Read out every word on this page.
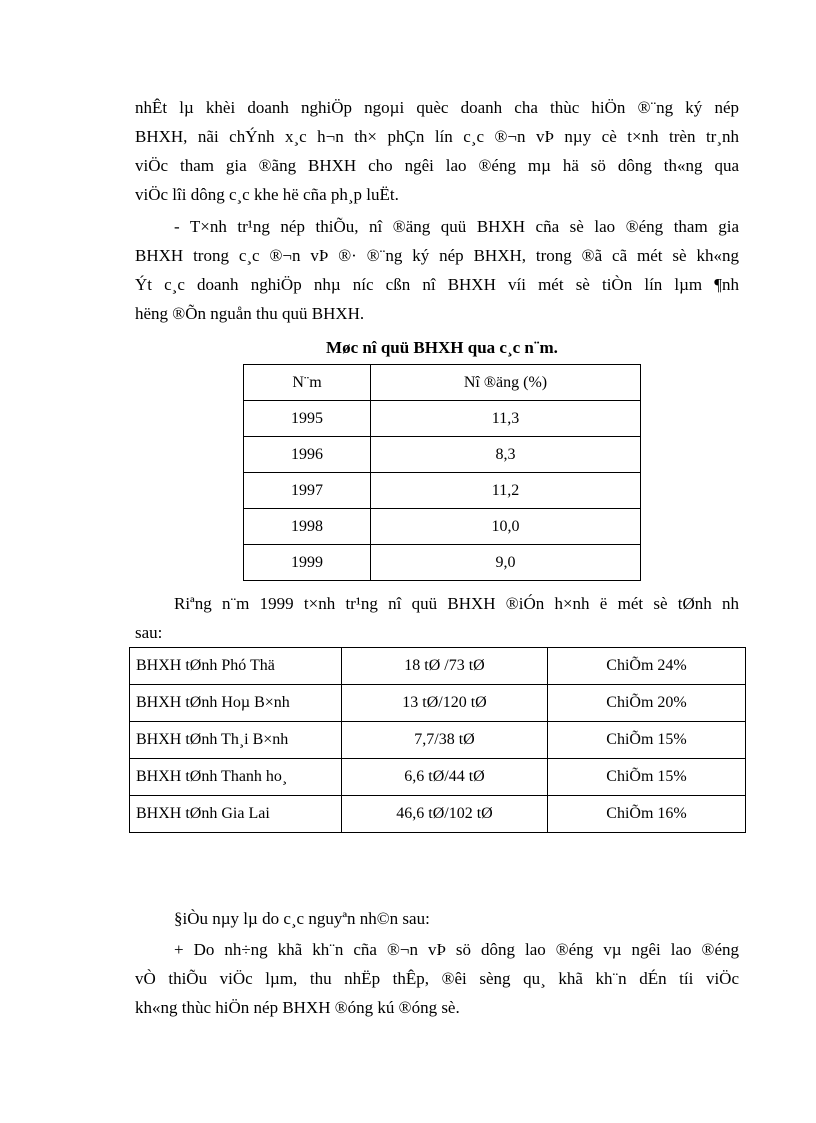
nhÊt lµ khèi doanh nghiÖp ngoµi quèc doanh cha thùc hiÖn ®¨ng ký nép
BHXH, nãi chÝnh x¸c h¬n th× phÇn lín c¸c ®¬n vÞ nµy cè t×nh trèn tr¸nh
viÖc tham gia ®ãng BHXH cho ngêi lao ®éng mµ hä sö dông th«ng qua
viÖc lîi dông c¸c khe hë cña ph¸p luËt.

- T×nh tr¹ng nép thiÕu, nî ®äng quü BHXH cña sè lao ®éng tham gia
BHXH trong c¸c ®¬n vÞ ®· ®¨ng ký nép BHXH, trong ®ã cã mét sè kh«ng
Ýt c¸c doanh nghiÖp nhµ níc cßn nî BHXH víi mét sè tiÒn lín lµm ¶nh
hëng ®Õn nguån thu quü BHXH.

Møc nî quü BHXH qua c¸c n¨m.

N¨m	Nî ®äng (%)
1995	11,3
1996	8,3
1997	11,2
1998	10,0
1999	9,0

Riªng n¨m 1999 t×nh tr¹ng nî quü BHXH ®iÓn h×nh ë mét sè tØnh nh
sau:

BHXH tØnh Phó Thä	18 tØ /73 tØ	ChiÕm 24%
BHXH tØnh Hoµ B×nh	13 tØ/120 tØ	ChiÕm 20%
BHXH tØnh Th¸i B×nh	7,7/38 tØ	ChiÕm 15%
BHXH tØnh Thanh ho¸	6,6 tØ/44 tØ	ChiÕm 15%
BHXH tØnh Gia Lai	46,6 tØ/102 tØ	ChiÕm 16%

§iÒu nµy lµ do c¸c nguyªn nh©n sau:

+ Do nh÷ng khã kh¨n cña ®¬n vÞ sö dông lao ®éng vµ ngêi lao ®éng
vÒ thiÕu viÖc lµm, thu nhËp thÊp, ®êi sèng qu¸ khã kh¨n dÉn tíi viÖc
kh«ng thùc hiÖn nép BHXH ®óng kú ®óng sè.
